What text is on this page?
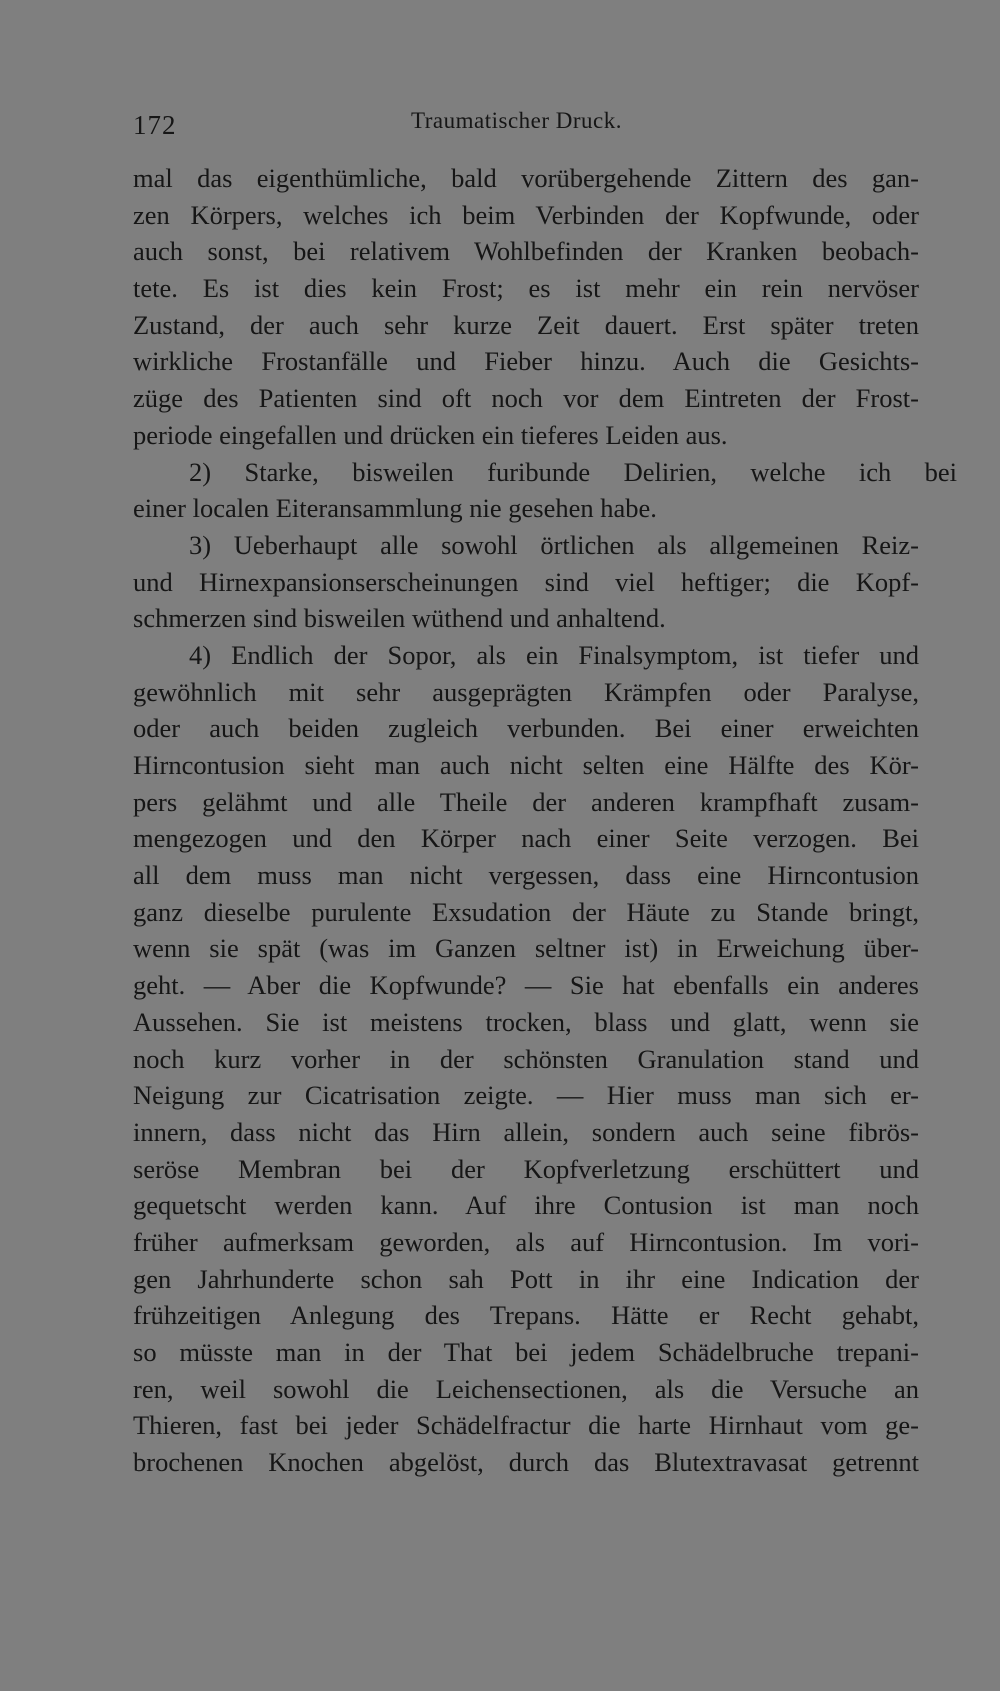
172	Traumatischer Druck.
mal das eigenthümliche, bald vorübergehende Zittern des gan-
zen Körpers, welches ich beim Verbinden der Kopfwunde, oder
auch sonst, bei relativem Wohlbefinden der Kranken beobach-
tete. Es ist dies kein Frost; es ist mehr ein rein nervöser
Zustand, der auch sehr kurze Zeit dauert. Erst später treten
wirkliche Frostanfälle und Fieber hinzu. Auch die Gesichts-
züge des Patienten sind oft noch vor dem Eintreten der Frost-
periode eingefallen und drücken ein tieferes Leiden aus.
2) Starke, bisweilen furibunde Delirien, welche ich bei
einer localen Eiteransammlung nie gesehen habe.
3) Ueberhaupt alle sowohl örtlichen als allgemeinen Reiz-
und Hirnexpansionserscheinungen sind viel heftiger; die Kopf-
schmerzen sind bisweilen wüthend und anhaltend.
4) Endlich der Sopor, als ein Finalsymptom, ist tiefer und
gewöhnlich mit sehr ausgeprägten Krämpfen oder Paralyse,
oder auch beiden zugleich verbunden. Bei einer erweichten
Hirncontusion sieht man auch nicht selten eine Hälfte des Kör-
pers gelähmt und alle Theile der anderen krampfhaft zusam-
mengezogen und den Körper nach einer Seite verzogen. Bei
all dem muss man nicht vergessen, dass eine Hirncontusion
ganz dieselbe purulente Exsudation der Häute zu Stande bringt,
wenn sie spät (was im Ganzen seltner ist) in Erweichung über-
geht. — Aber die Kopfwunde? — Sie hat ebenfalls ein anderes
Aussehen. Sie ist meistens trocken, blass und glatt, wenn sie
noch kurz vorher in der schönsten Granulation stand und
Neigung zur Cicatrisation zeigte. — Hier muss man sich er-
innern, dass nicht das Hirn allein, sondern auch seine fibrös-
seröse Membran bei der Kopfverletzung erschüttert und
gequetscht werden kann. Auf ihre Contusion ist man noch
früher aufmerksam geworden, als auf Hirncontusion. Im vori-
gen Jahrhunderte schon sah Pott in ihr eine Indication der
frühzeitigen Anlegung des Trepans. Hätte er Recht gehabt,
so müsste man in der That bei jedem Schädelbruche trepani-
ren, weil sowohl die Leichensectionen, als die Versuche an
Thieren, fast bei jeder Schädelfractur die harte Hirnhaut vom ge-
brochenen Knochen abgelöst, durch das Blutextravasat getrennt
